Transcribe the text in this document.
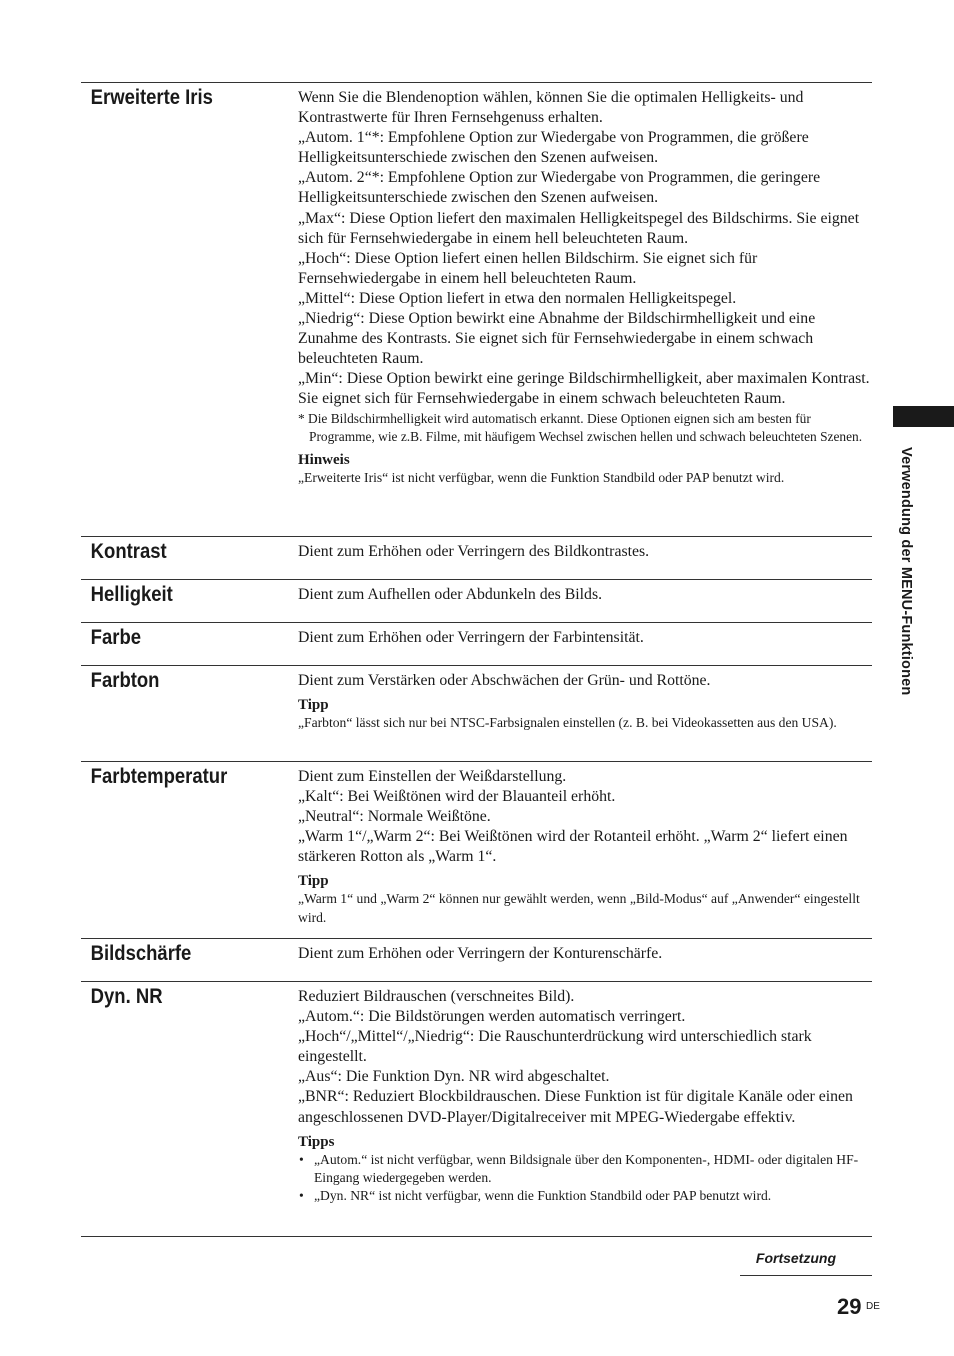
Erweiterte Iris	Wenn Sie die Blendenoption wählen, können Sie die optimalen Helligkeits- und Kontrastwerte für Ihren Fernsehgenuss erhalten.
„Autom. 1“*: Empfohlene Option zur Wiedergabe von Programmen, die größere Helligkeitsunterschiede zwischen den Szenen aufweisen.
„Autom. 2“*: Empfohlene Option zur Wiedergabe von Programmen, die geringere Helligkeitsunterschiede zwischen den Szenen aufweisen.
„Max“: Diese Option liefert den maximalen Helligkeitspegel des Bildschirms. Sie eignet sich für Fernsehwiedergabe in einem hell beleuchteten Raum.
„Hoch“: Diese Option liefert einen hellen Bildschirm. Sie eignet sich für Fernsehwiedergabe in einem hell beleuchteten Raum.
„Mittel“: Diese Option liefert in etwa den normalen Helligkeitspegel.
„Niedrig“: Diese Option bewirkt eine Abnahme der Bildschirmhelligkeit und eine Zunahme des Kontrasts. Sie eignet sich für Fernsehwiedergabe in einem schwach beleuchteten Raum.
„Min“: Diese Option bewirkt eine geringe Bildschirmhelligkeit, aber maximalen Kontrast. Sie eignet sich für Fernsehwiedergabe in einem schwach beleuchteten Raum.
* Die Bildschirmhelligkeit wird automatisch erkannt. Diese Optionen eignen sich am besten für Programme, wie z.B. Filme, mit häufigem Wechsel zwischen hellen und schwach beleuchteten Szenen.
Hinweis
„Erweiterte Iris“ ist nicht verfügbar, wenn die Funktion Standbild oder PAP benutzt wird.
Kontrast	Dient zum Erhöhen oder Verringern des Bildkontrastes.
Helligkeit	Dient zum Aufhellen oder Abdunkeln des Bilds.
Farbe	Dient zum Erhöhen oder Verringern der Farbintensität.
Farbton	Dient zum Verstärken oder Abschwächen der Grün- und Rottöne.
Tipp
„Farbton“ lässt sich nur bei NTSC-Farbsignalen einstellen (z. B. bei Videokassetten aus den USA).
Farbtemperatur	Dient zum Einstellen der Weißdarstellung.
„Kalt“: Bei Weißtönen wird der Blauanteil erhöht.
„Neutral“: Normale Weißtöne.
„Warm 1“/„Warm 2“: Bei Weißtönen wird der Rotanteil erhöht. „Warm 2“ liefert einen stärkeren Rotton als „Warm 1“.
Tipp
„Warm 1“ und „Warm 2“ können nur gewählt werden, wenn „Bild-Modus“ auf „Anwender“ eingestellt wird.
Bildschärfe	Dient zum Erhöhen oder Verringern der Konturenschärfe.
Dyn. NR	Reduziert Bildrauschen (verschneites Bild).
„Autom.“: Die Bildstörungen werden automatisch verringert.
„Hoch“/„Mittel“/„Niedrig“: Die Rauschunterdrückung wird unterschiedlich stark eingestellt.
„Aus“: Die Funktion Dyn. NR wird abgeschaltet.
„BNR“: Reduziert Blockbildrauschen. Diese Funktion ist für digitale Kanäle oder einen angeschlossenen DVD-Player/Digitalreceiver mit MPEG-Wiedergabe effektiv.
Tipps
• „Autom.“ ist nicht verfügbar, wenn Bildsignale über den Komponenten-, HDMI- oder digitalen HF-Eingang wiedergegeben werden.
• „Dyn. NR“ ist nicht verfügbar, wenn die Funktion Standbild oder PAP benutzt wird.
Verwendung der MENU-Funktionen
Fortsetzung
29 DE
